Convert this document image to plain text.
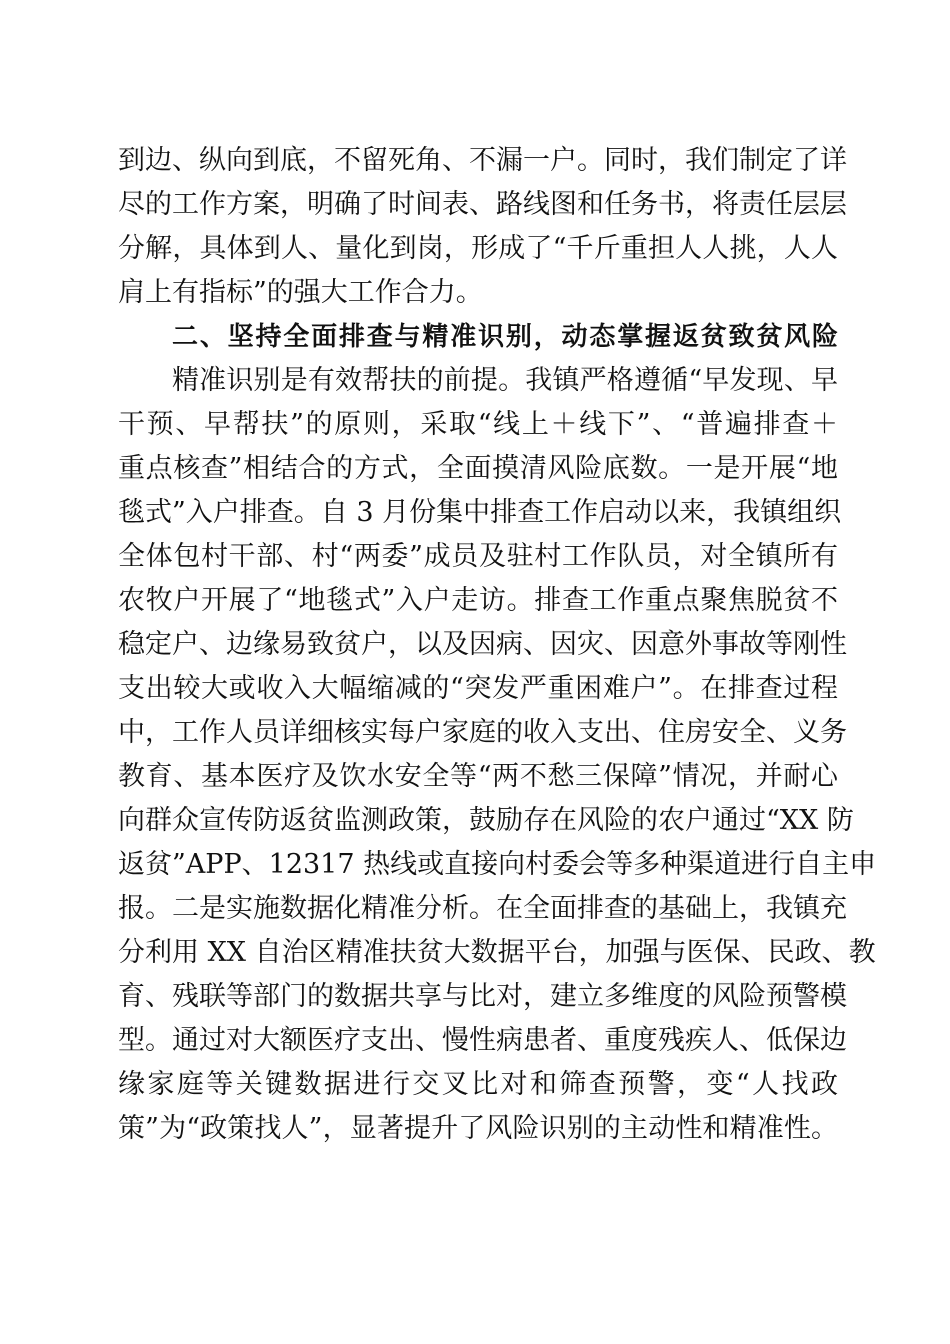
到边、纵向到底，不留死角、不漏一户。同时，我们制定了详
尽的工作方案，明确了时间表、路线图和任务书，将责任层层
分解，具体到人、量化到岗，形成了“千斤重担人人挑，人人
肩上有指标”的强大工作合力。
二、坚持全面排查与精准识别，动态掌握返贫致贫风险
精准识别是有效帮扶的前提。我镇严格遵循“早发现、早
干预、早帮扶”的原则，采取“线上＋线下”、“普遍排查＋
重点核查”相结合的方式，全面摸清风险底数。一是开展“地
毯式”入户排查。自 3 月份集中排查工作启动以来，我镇组织
全体包村干部、村“两委”成员及驻村工作队员，对全镇所有
农牧户开展了“地毯式”入户走访。排查工作重点聚焦脱贫不
稳定户、边缘易致贫户，以及因病、因灾、因意外事故等刚性
支出较大或收入大幅缩减的“突发严重困难户”。在排查过程
中，工作人员详细核实每户家庭的收入支出、住房安全、义务
教育、基本医疗及饮水安全等“两不愁三保障”情况，并耐心
向群众宣传防返贫监测政策，鼓励存在风险的农户通过“XX 防
返贫”APP、12317 热线或直接向村委会等多种渠道进行自主申
报。二是实施数据化精准分析。在全面排查的基础上，我镇充
分利用 XX 自治区精准扶贫大数据平台，加强与医保、民政、教
育、残联等部门的数据共享与比对，建立多维度的风险预警模
型。通过对大额医疗支出、慢性病患者、重度残疾人、低保边
缘家庭等关键数据进行交叉比对和筛查预警，变“人找政
策”为“政策找人”，显著提升了风险识别的主动性和精准性。
